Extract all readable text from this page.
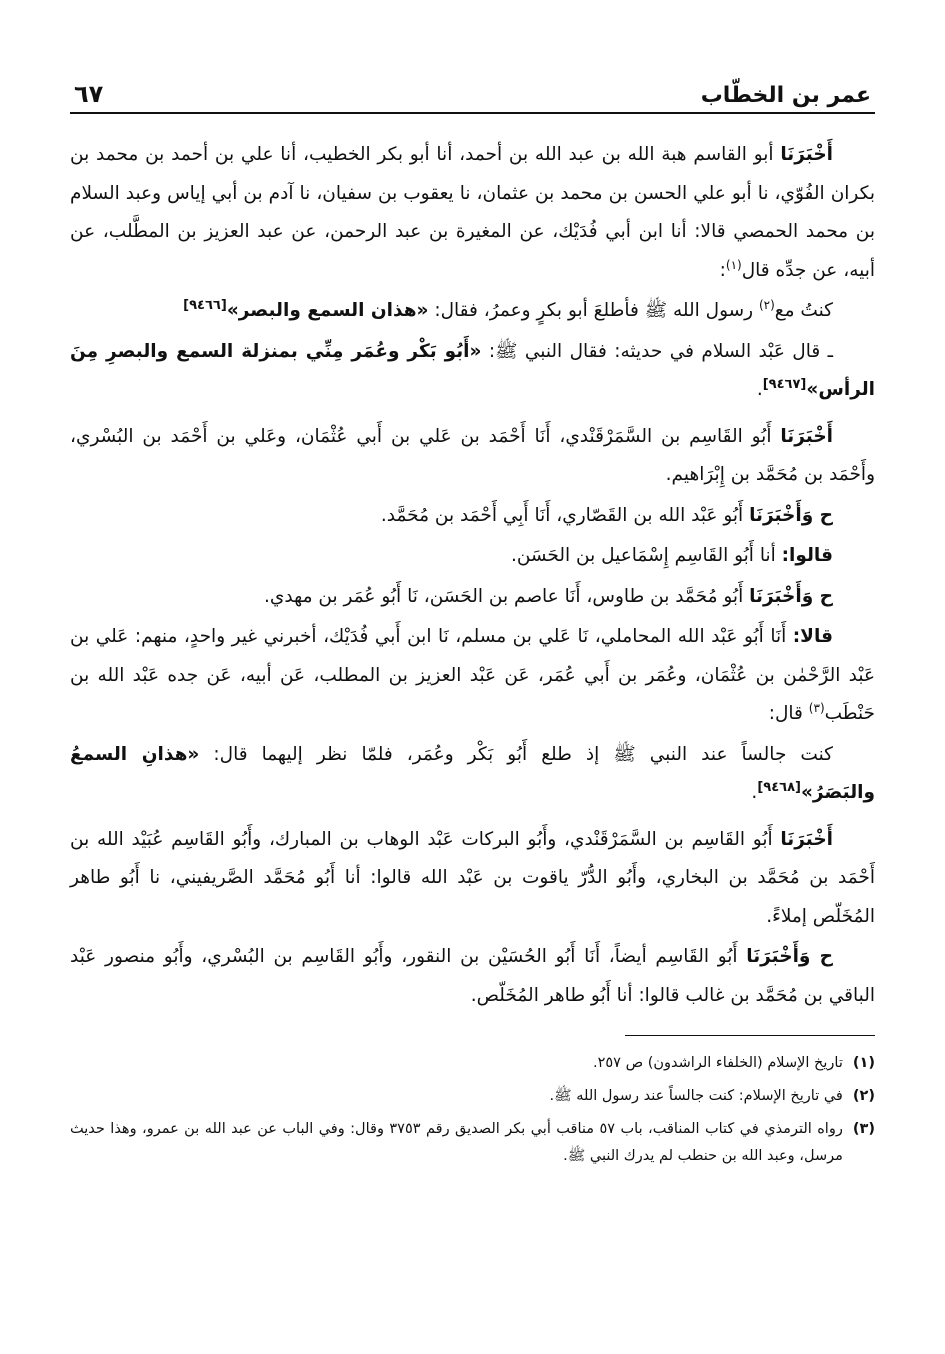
عمر بن الخطّاب
٦٧

أَخْبَرَنَا أبو القاسم هبة الله بن عبد الله بن أحمد، أنا أبو بكر الخطيب، أنا علي بن أحمد بن محمد بن بكران الفُوّي، نا أبو علي الحسن بن محمد بن عثمان، نا يعقوب بن سفيان، نا آدم بن أبي إياس وعبد السلام بن محمد الحمصي قالا: أنا ابن أبي فُدَيْك، عن المغيرة بن عبد الرحمن، عن عبد العزيز بن المطَّلب، عن أبيه، عن جدِّه قال$^{(١)}$:

كنتُ مع$^{(٢)}$ رسول الله ﷺ فأطلعَ أبو بكرٍ وعمرُ، فقال: «هذان السمع والبصر»[٩٤٦٦]

ـ قال عَبْد السلام في حديثه: فقال النبي ﷺ: «أَبُو بَكْر وعُمَر مِنِّي بمنزلة السمع والبصرِ مِنَ الرأس»[٩٤٦٧].

أَخْبَرَنَا أَبُو القَاسِم بن السَّمَرْقَنْدي، أَنَا أَحْمَد بن عَلي بن أَبي عُثْمَان، وعَلي بن أَحْمَد بن البُسْري، وأَحْمَد بن مُحَمَّد بن إِبْرَاهيم.

ح وَأَخْبَرَنَا أَبُو عَبْد الله بن القَصّاري، أَنَا أَبِي أَحْمَد بن مُحَمَّد.

قالوا: أنا أَبُو القَاسِم إِسْمَاعيل بن الحَسَن.

ح وَأَخْبَرَنَا أَبُو مُحَمَّد بن طاوس، أَنَا عاصم بن الحَسَن، نَا أَبُو عُمَر بن مهدي.

قالا: أَنَا أَبُو عَبْد الله المحاملي، نَا عَلي بن مسلم، نَا ابن أَبي فُدَيْك، أخبرني غير واحدٍ، منهم: عَلي بن عَبْد الرَّحْمٰن بن عُثْمَان، وعُمَر بن أَبي عُمَر، عَن عَبْد العزيز بن المطلب، عَن أبيه، عَن جده عَبْد الله بن حَنْطَب$^{(٣)}$ قال:

كنت جالساً عند النبي ﷺ إذ طلع أَبُو بَكْر وعُمَر، فلمّا نظر إليهما قال: «هذانِ السمعُ والبَصَرُ»[٩٤٦٨].

أَخْبَرَنَا أَبُو القَاسِم بن السَّمَرْقَنْدي، وأَبُو البركات عَبْد الوهاب بن المبارك، وأَبُو القَاسِم عُبَيْد الله بن أَحْمَد بن مُحَمَّد بن البخاري، وأَبُو الدُّرّ ياقوت بن عَبْد الله قالوا: أنا أَبُو مُحَمَّد الصَّريفيني، نا أَبُو طاهر المُخَلّص إملاءً.

ح وَأَخْبَرَنَا أَبُو القَاسِم أيضاً، أَنَا أَبُو الحُسَيْن بن النقور، وأَبُو القَاسِم بن البُسْري، وأَبُو منصور عَبْد الباقي بن مُحَمَّد بن غالب قالوا: أنا أَبُو طاهر المُخَلّص.

(١)
تاريخ الإسلام (الخلفاء الراشدون) ص ٢٥٧.
(٢)
في تاريخ الإسلام: كنت جالساً عند رسول الله ﷺ.
(٣)
رواه الترمذي في كتاب المناقب، باب ٥٧ مناقب أبي بكر الصديق رقم ٣٧٥٣ وقال: وفي الباب عن عبد الله بن عمرو، وهذا حديث مرسل، وعبد الله بن حنطب لم يدرك النبي ﷺ.
